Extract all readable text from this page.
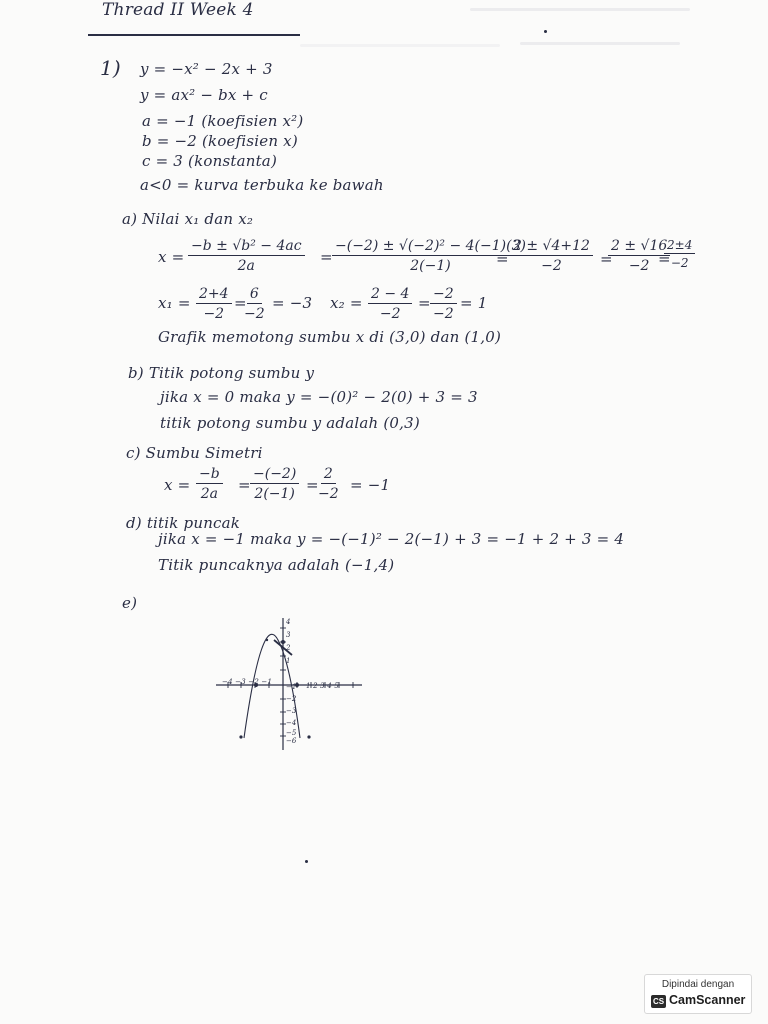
Thread II Week 4
1) y = −x² − 2x + 3
y = ax² − bx + c
a = −1 (koefisien x²)
b = −2 (koefisien x)
c = 3 (konstanta)
a<0 = kurva terbuka ke bawah
a) Nilai x₁ dan x₂
$x = \frac{\text{−b ± √b² − 4ac}}{2a} = \frac{\text{−(−2) ± √(−2)² − 4(−1)(3)}}{2(-1)}$
= $\frac{2 \pm √4+12}{-2}$ =
$\frac{2 \pm √16}{-2}$
=
$\frac{2\pm 4}{-2}$
$x_1 = \frac{2+4}{-2}$ =
$\frac{6}{-2} = -3$ $x_2 = \frac{2 - 4}{-2} = \frac{-2}{-2} = 1$
Grafik memotong sumbu x di (3,0) dan (1,0)
b) Titik potong sumbu y
jika x = 0 maka y = −(0)² − 2(0) + 3 = 3
titik potong sumbu y adalah (0,3)
c) Sumbu Simetri
$x = \frac{-b}{2a} = \frac{-(-2)}{2(-1)} = \frac{2}{-2} = -1$
d) titik puncak
jika x = −1 maka y = −(−1)² − 2(−1) + 3 = −1 + 2 + 3 = 4
Titik puncaknya adalah (−1,4)
e)
−4 −3 −2 −1	1 2 3 4 5
4
3
2
1
−1
−2
−3
−4
−5
−6
Dipindai dengan
CS CamScanner
